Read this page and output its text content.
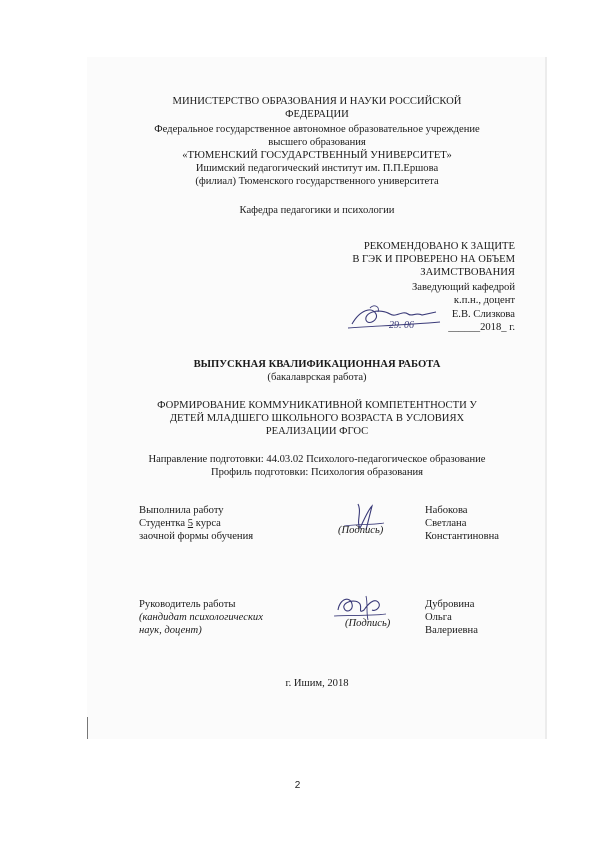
МИНИСТЕРСТВО ОБРАЗОВАНИЯ И НАУКИ РОССИЙСКОЙ
ФЕДЕРАЦИИ
Федеральное государственное автономное образовательное учреждение
высшего образования
«ТЮМЕНСКИЙ ГОСУДАРСТВЕННЫЙ УНИВЕРСИТЕТ»
Ишимский педагогический институт им. П.П.Ершова
(филиал) Тюменского государственного университета
Кафедра педагогики и психологии
РЕКОМЕНДОВАНО К ЗАЩИТЕ
В ГЭК И ПРОВЕРЕНО НА ОБЪЕМ
ЗАИМСТВОВАНИЯ
Заведующий кафедрой
к.п.н., доцент
Е.В. Слизкова
______2018_ г.
29. 06
ВЫПУСКНАЯ КВАЛИФИКАЦИОННАЯ РАБОТА
(бакалаврская работа)
ФОРМИРОВАНИЕ КОММУНИКАТИВНОЙ КОМПЕТЕНТНОСТИ У
ДЕТЕЙ МЛАДШЕГО ШКОЛЬНОГО ВОЗРАСТА В УСЛОВИЯХ
РЕАЛИЗАЦИИ ФГОС
Направление подготовки: 44.03.02 Психолого-педагогическое образование
Профиль подготовки: Психология образования
Выполнила работу
Студентка 5 курса
заочной формы обучения
(Подпись)
Набокова
Светлана
Константиновна
Руководитель работы
(кандидат психологических
наук, доцент)
(Подпись)
Дубровина
Ольга
Валериевна
г. Ишим, 2018
2
